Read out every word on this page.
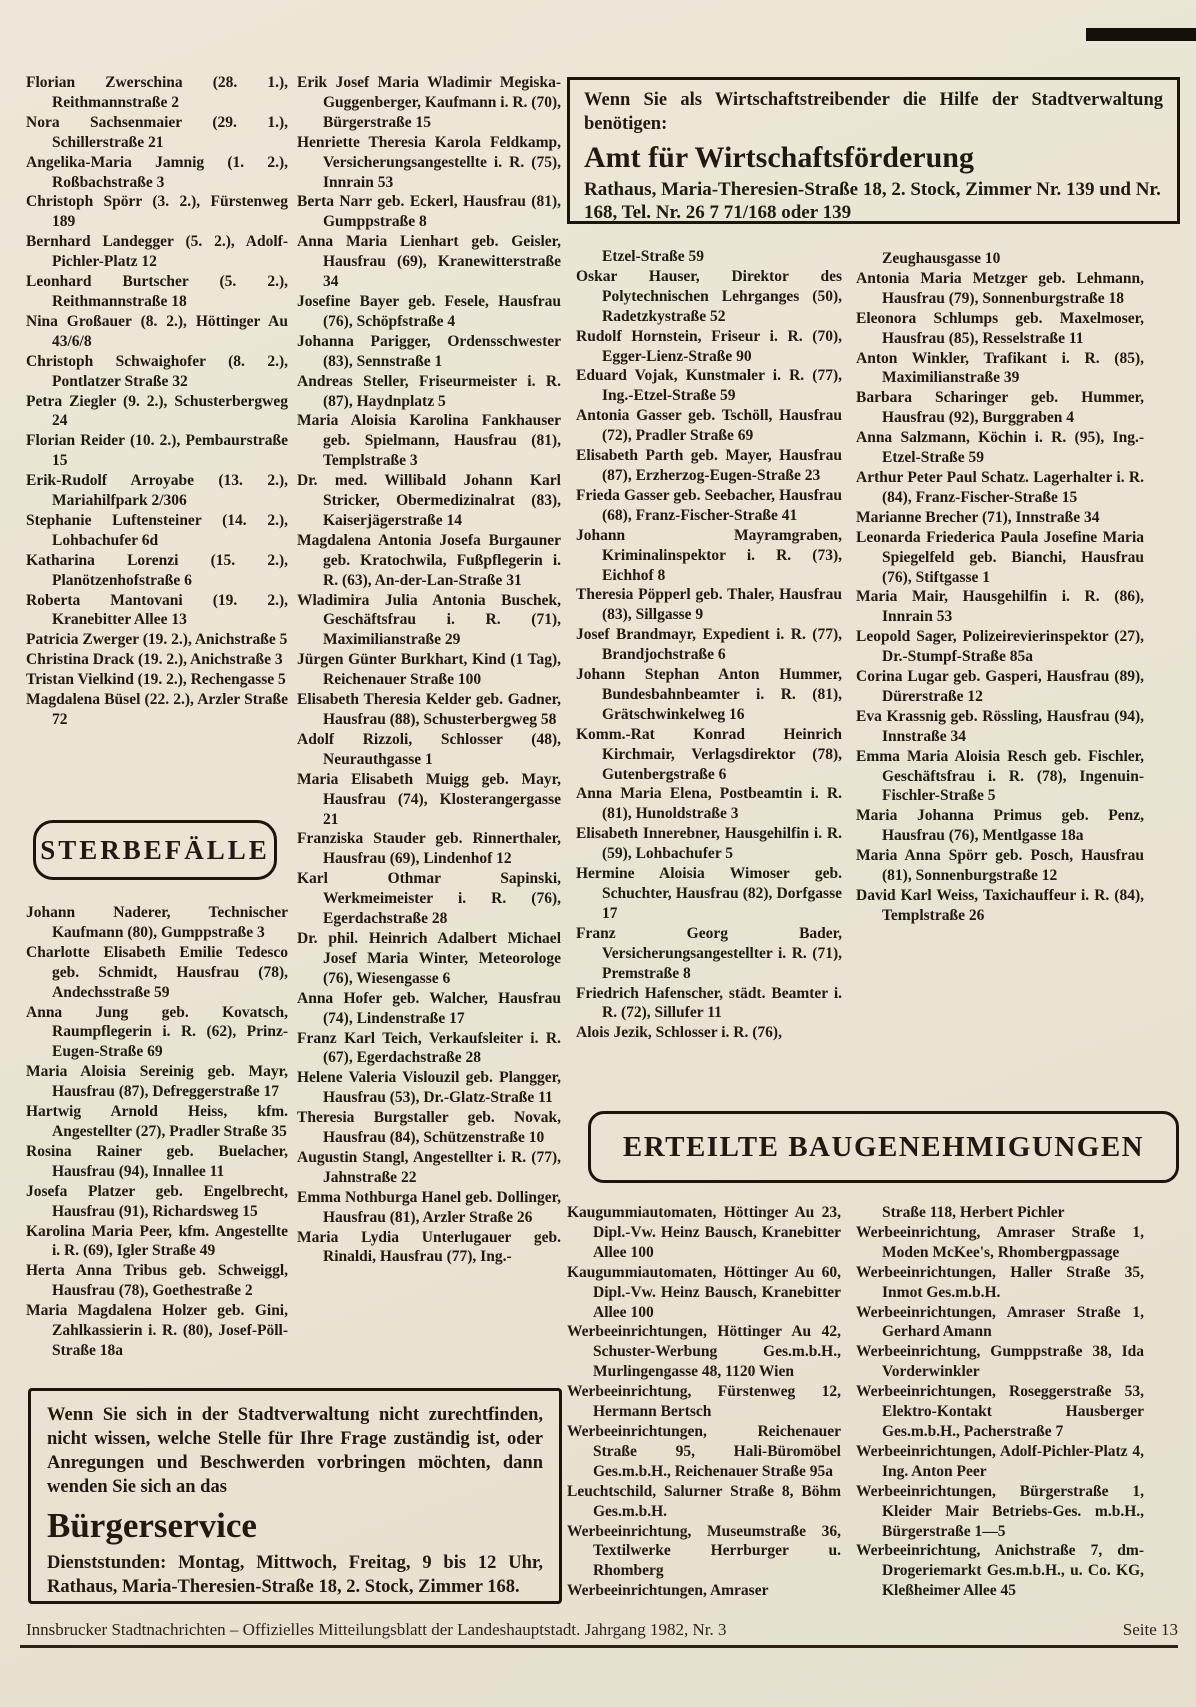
Florian Zwerschina (28. 1.), Reithmannstraße 2
Nora Sachsenmaier (29. 1.), Schillerstraße 21
Angelika-Maria Jamnig (1. 2.), Roßbachstraße 3
Christoph Spörr (3. 2.), Fürstenweg 189
Bernhard Landegger (5. 2.), Adolf-Pichler-Platz 12
Leonhard Burtscher (5. 2.), Reithmannstraße 18
Nina Großauer (8. 2.), Höttinger Au 43/6/8
Christoph Schwaighofer (8. 2.), Pontlatzer Straße 32
Petra Ziegler (9. 2.), Schusterbergweg 24
Florian Reider (10. 2.), Pembaurstraße 15
Erik-Rudolf Arroyabe (13. 2.), Mariahilfpark 2/306
Stephanie Luftensteiner (14. 2.), Lohbachufer 6d
Katharina Lorenzi (15. 2.), Planötzenhofstraße 6
Roberta Mantovani (19. 2.), Kranebitter Allee 13
Patricia Zwerger (19. 2.), Anichstraße 5
Christina Drack (19. 2.), Anichstraße 3
Tristan Vielkind (19. 2.), Rechengasse 5
Magdalena Büsel (22. 2.), Arzler Straße 72
STERBEFÄLLE
Johann Naderer, Technischer Kaufmann (80), Gumppstraße 3
Charlotte Elisabeth Emilie Tedesco geb. Schmidt, Hausfrau (78), Andechsstraße 59
Anna Jung geb. Kovatsch, Raumpflegerin i. R. (62), Prinz-Eugen-Straße 69
Maria Aloisia Sereinig geb. Mayr, Hausfrau (87), Defreggerstraße 17
Hartwig Arnold Heiss, kfm. Angestellter (27), Pradler Straße 35
Rosina Rainer geb. Buelacher, Hausfrau (94), Innallee 11
Josefa Platzer geb. Engelbrecht, Hausfrau (91), Richardsweg 15
Karolina Maria Peer, kfm. Angestellte i. R. (69), Igler Straße 49
Herta Anna Tribus geb. Schweiggl, Hausfrau (78), Goethestraße 2
Maria Magdalena Holzer geb. Gini, Zahlkassierin i. R. (80), Josef-Pöll-Straße 18a
Erik Josef Maria Wladimir Megiska-Guggenberger, Kaufmann i. R. (70), Bürgerstraße 15
Henriette Theresia Karola Feldkamp, Versicherungsangestellte i. R. (75), Innrain 53
Berta Narr geb. Eckerl, Hausfrau (81), Gumppstraße 8
Anna Maria Lienhart geb. Geisler, Hausfrau (69), Kranewitterstraße 34
Josefine Bayer geb. Fesele, Hausfrau (76), Schöpfstraße 4
Johanna Parigger, Ordensschwester (83), Sennstraße 1
Andreas Steller, Friseurmeister i. R. (87), Haydnplatz 5
Maria Aloisia Karolina Fankhauser geb. Spielmann, Hausfrau (81), Templstraße 3
Dr. med. Willibald Johann Karl Stricker, Obermedizinalrat (83), Kaiserjägerstraße 14
Magdalena Antonia Josefa Burgauner geb. Kratochwila, Fußpflegerin i. R. (63), An-der-Lan-Straße 31
Wladimira Julia Antonia Buschek, Geschäftsfrau i. R. (71), Maximilianstraße 29
Jürgen Günter Burkhart, Kind (1 Tag), Reichenauer Straße 100
Elisabeth Theresia Kelder geb. Gadner, Hausfrau (88), Schusterbergweg 58
Adolf Rizzoli, Schlosser (48), Neurauthgasse 1
Maria Elisabeth Muigg geb. Mayr, Hausfrau (74), Klosterangergasse 21
Franziska Stauder geb. Rinnerthaler, Hausfrau (69), Lindenhof 12
Karl Othmar Sapinski, Werkmeimeister i. R. (76), Egerdachstraße 28
Dr. phil. Heinrich Adalbert Michael Josef Maria Winter, Meteorologe (76), Wiesengasse 6
Anna Hofer geb. Walcher, Hausfrau (74), Lindenstraße 17
Franz Karl Teich, Verkaufsleiter i. R. (67), Egerdachstraße 28
Helene Valeria Vislouzil geb. Plangger, Hausfrau (53), Dr.-Glatz-Straße 11
Theresia Burgstaller geb. Novak, Hausfrau (84), Schützenstraße 10
Augustin Stangl, Angestellter i. R. (77), Jahnstraße 22
Emma Nothburga Hanel geb. Dollinger, Hausfrau (81), Arzler Straße 26
Maria Lydia Unterlugauer geb. Rinaldi, Hausfrau (77), Ing.-
Etzel-Straße 59
Oskar Hauser, Direktor des Polytechnischen Lehrganges (50), Radetzkystraße 52
Rudolf Hornstein, Friseur i. R. (70), Egger-Lienz-Straße 90
Eduard Vojak, Kunstmaler i. R. (77), Ing.-Etzel-Straße 59
Antonia Gasser geb. Tschöll, Hausfrau (72), Pradler Straße 69
Elisabeth Parth geb. Mayer, Hausfrau (87), Erzherzog-Eugen-Straße 23
Frieda Gasser geb. Seebacher, Hausfrau (68), Franz-Fischer-Straße 41
Johann Mayramgraben, Kriminalinspektor i. R. (73), Eichhof 8
Theresia Pöpperl geb. Thaler, Hausfrau (83), Sillgasse 9
Josef Brandmayr, Expedient i. R. (77), Brandjochstraße 6
Johann Stephan Anton Hummer, Bundesbahnbeamter i. R. (81), Grätschwinkelweg 16
Komm.-Rat Konrad Heinrich Kirchmair, Verlagsdirektor (78), Gutenbergstraße 6
Anna Maria Elena, Postbeamtin i. R. (81), Hunoldstraße 3
Elisabeth Innerebner, Hausgehilfin i. R. (59), Lohbachufer 5
Hermine Aloisia Wimoser geb. Schuchter, Hausfrau (82), Dorfgasse 17
Franz Georg Bader, Versicherungsangestellter i. R. (71), Premstraße 8
Friedrich Hafenscher, städt. Beamter i. R. (72), Sillufer 11
Alois Jezik, Schlosser i. R. (76),
Zeughausgasse 10
Antonia Maria Metzger geb. Lehmann, Hausfrau (79), Sonnenburgstraße 18
Eleonora Schlumps geb. Maxelmoser, Hausfrau (85), Resselstraße 11
Anton Winkler, Trafikant i. R. (85), Maximilianstraße 39
Barbara Scharinger geb. Hummer, Hausfrau (92), Burggraben 4
Anna Salzmann, Köchin i. R. (95), Ing.-Etzel-Straße 59
Arthur Peter Paul Schatz. Lagerhalter i. R. (84), Franz-Fischer-Straße 15
Marianne Brecher (71), Innstraße 34
Leonarda Friederica Paula Josefine Maria Spiegelfeld geb. Bianchi, Hausfrau (76), Stiftgasse 1
Maria Mair, Hausgehilfin i. R. (86), Innrain 53
Leopold Sager, Polizeirevierinspektor (27), Dr.-Stumpf-Straße 85a
Corina Lugar geb. Gasperi, Hausfrau (89), Dürerstraße 12
Eva Krassnig geb. Rössling, Hausfrau (94), Innstraße 34
Emma Maria Aloisia Resch geb. Fischler, Geschäftsfrau i. R. (78), Ingenuin-Fischler-Straße 5
Maria Johanna Primus geb. Penz, Hausfrau (76), Mentlgasse 18a
Maria Anna Spörr geb. Posch, Hausfrau (81), Sonnenburgstraße 12
David Karl Weiss, Taxichauffeur i. R. (84), Templstraße 26

Wenn Sie als Wirtschaftstreibender die Hilfe der Stadtverwaltung benötigen:

Amt für Wirtschaftsförderung

Rathaus, Maria-Theresien-Straße 18, 2. Stock, Zimmer Nr. 139 und Nr. 168, Tel. Nr. 26 7 71/168 oder 139

ERTEILTE BAUGENEHMIGUNGEN
Kaugummiautomaten, Höttinger Au 23, Dipl.-Vw. Heinz Bausch, Kranebitter Allee 100
Kaugummiautomaten, Höttinger Au 60, Dipl.-Vw. Heinz Bausch, Kranebitter Allee 100
Werbeeinrichtungen, Höttinger Au 42, Schuster-Werbung Ges.m.b.H., Murlingengasse 48, 1120 Wien
Werbeeinrichtung, Fürstenweg 12, Hermann Bertsch
Werbeeinrichtungen, Reichenauer Straße 95, Hali-Büromöbel Ges.m.b.H., Reichenauer Straße 95a
Leuchtschild, Salurner Straße 8, Böhm Ges.m.b.H.
Werbeeinrichtung, Museumstraße 36, Textilwerke Herrburger u. Rhomberg
Werbeeinrichtungen, Amraser
Straße 118, Herbert Pichler
Werbeeinrichtung, Amraser Straße 1, Moden McKee's, Rhombergpassage
Werbeeinrichtungen, Haller Straße 35, Inmot Ges.m.b.H.
Werbeeinrichtungen, Amraser Straße 1, Gerhard Amann
Werbeeinrichtung, Gumppstraße 38, Ida Vorderwinkler
Werbeeinrichtungen, Roseggerstraße 53, Elektro-Kontakt Hausberger Ges.m.b.H., Pacherstraße 7
Werbeeinrichtungen, Adolf-Pichler-Platz 4, Ing. Anton Peer
Werbeeinrichtungen, Bürgerstraße 1, Kleider Mair Betriebs-Ges. m.b.H., Bürgerstraße 1—5
Werbeeinrichtung, Anichstraße 7, dm-Drogeriemarkt Ges.m.b.H., u. Co. KG, Kleßheimer Allee 45

Wenn Sie sich in der Stadtverwaltung nicht zurechtfinden, nicht wissen, welche Stelle für Ihre Frage zuständig ist, oder Anregungen und Beschwerden vorbringen möchten, dann wenden Sie sich an das

Bürgerservice

Dienststunden: Montag, Mittwoch, Freitag, 9 bis 12 Uhr, Rathaus, Maria-Theresien-Straße 18, 2. Stock, Zimmer 168.

Innsbrucker Stadtnachrichten – Offizielles Mitteilungsblatt der Landeshauptstadt. Jahrgang 1982, Nr. 3	Seite 13
